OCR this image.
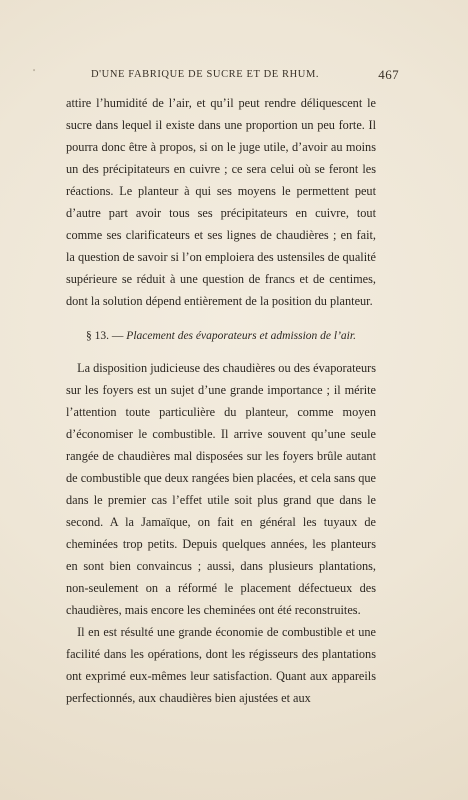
•	D'UNE FABRIQUE DE SUCRE ET DE RHUM.	467

attire l’humidité de l’air, et qu’il peut rendre déliquescent le sucre dans lequel il existe dans une proportion un peu forte. Il pourra donc être à propos, si on le juge utile, d’avoir au moins un des précipitateurs en cuivre ; ce sera celui où se feront les réactions. Le planteur à qui ses moyens le permettent peut d’autre part avoir tous ses précipitateurs en cuivre, tout comme ses clarificateurs et ses lignes de chaudières ; en fait, la question de savoir si l’on emploiera des ustensiles de qualité supérieure se réduit à une question de francs et de centimes, dont la solution dépend entièrement de la position du planteur.

§ 13. — Placement des évaporateurs et admission de l’air.

La disposition judicieuse des chaudières ou des évaporateurs sur les foyers est un sujet d’une grande importance ; il mérite l’attention toute particulière du planteur, comme moyen d’économiser le combustible. Il arrive souvent qu’une seule rangée de chaudières mal disposées sur les foyers brûle autant de combustible que deux rangées bien placées, et cela sans que dans le premier cas l’effet utile soit plus grand que dans le second. A la Jamaïque, on fait en général les tuyaux de cheminées trop petits. Depuis quelques années, les planteurs en sont bien convaincus ; aussi, dans plusieurs plantations, non-seulement on a réformé le placement défectueux des chaudières, mais encore les cheminées ont été reconstruites.

Il en est résulté une grande économie de combustible et une facilité dans les opérations, dont les régisseurs des plantations ont exprimé eux-mêmes leur satisfaction. Quant aux appareils perfectionnés, aux chaudières bien ajustées et aux
